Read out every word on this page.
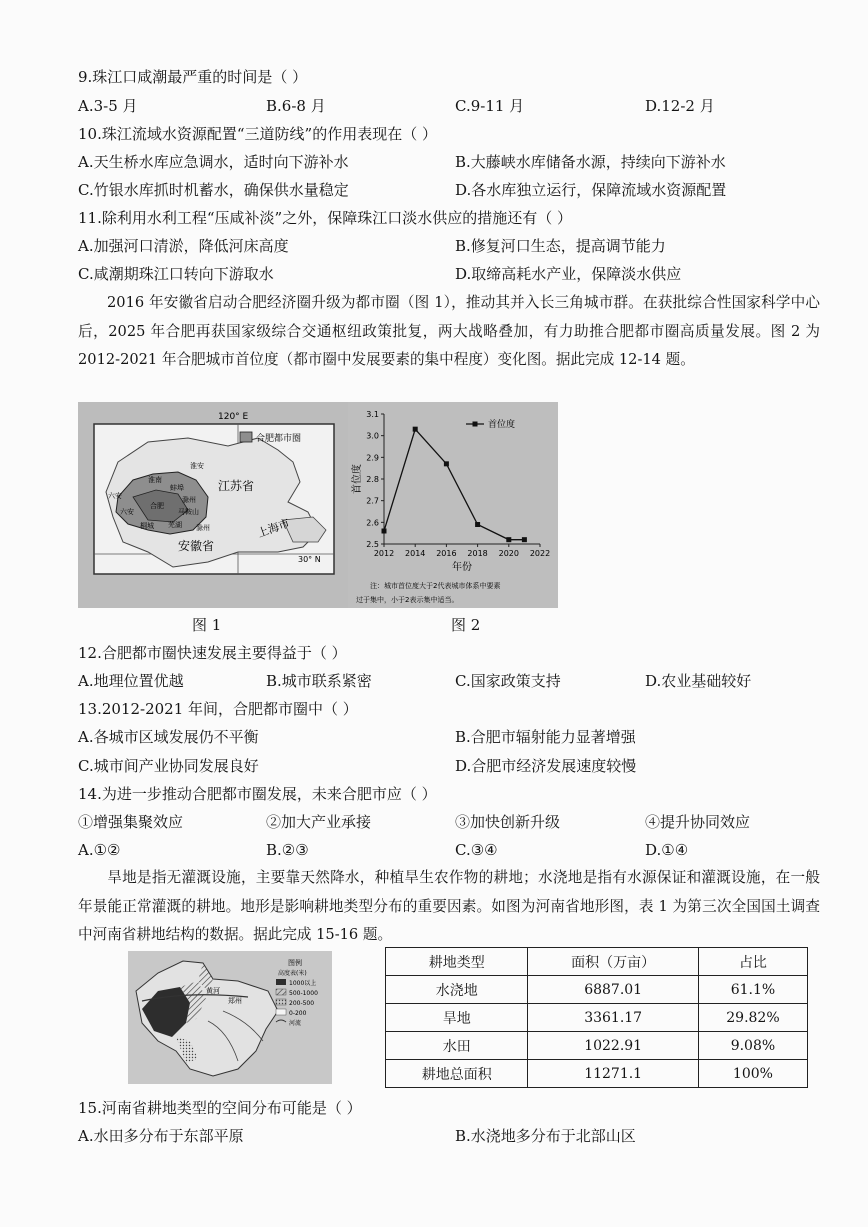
9.珠江口咸潮最严重的时间是（ ）
A.3-5 月	B.6-8 月	C.9-11 月	D.12-2 月
10.珠江流域水资源配置“三道防线”的作用表现在（ ）
A.天生桥水库应急调水，适时向下游补水	B.大藤峡水库储备水源，持续向下游补水
C.竹银水库抓时机蓄水，确保供水量稳定	D.各水库独立运行，保障流域水资源配置
11.除利用水利工程“压咸补淡”之外，保障珠江口淡水供应的措施还有（ ）
A.加强河口清淤，降低河床高度	B.修复河口生态，提高调节能力
C.咸潮期珠江口转向下游取水	D.取缔高耗水产业，保障淡水供应
2016 年安徽省启动合肥经济圈升级为都市圈（图 1），推动其并入长三角城市群。在获批综合性国家科学中心后，2025 年合肥再获国家级综合交通枢纽政策批复，两大战略叠加，有力助推合肥都市圈高质量发展。图 2 为 2012-2021 年合肥城市首位度（都市圈中发展要素的集中程度）变化图。据此完成 12-14 题。
合肥都市圈
120° E
30° N
江苏省
上海市
安徽省
淮南
蚌埠
滁州
合肥
六安	马鞍山
芜湖
桐城
淮安
滁州
六安
2.5
2.6
2.7
2.8
2.9
3.0
3.1
2012 2014 2016 2018 2020 2022
首位度
年份
首位度
注：城市首位度大于2代表城市体系中要素
过于集中，小于2表示集中适当。
图 1	图 2
12.合肥都市圈快速发展主要得益于（ ）
A.地理位置优越	B.城市联系紧密	C.国家政策支持	D.农业基础较好
13.2012-2021 年间，合肥都市圈中（ ）
A.各城市区域发展仍不平衡	B.合肥市辐射能力显著增强
C.城市间产业协同发展良好	D.合肥市经济发展速度较慢
14.为进一步推动合肥都市圈发展，未来合肥市应（ ）
①增强集聚效应	②加大产业承接	③加快创新升级	④提升协同效应
A.①②	B.②③	C.③④	D.①④
旱地是指无灌溉设施，主要靠天然降水，种植旱生农作物的耕地；水浇地是指有水源保证和灌溉设施，在一般年景能正常灌溉的耕地。地形是影响耕地类型分布的重要因素。如图为河南省地形图，表 1 为第三次全国国土调查中河南省耕地结构的数据。据此完成 15-16 题。
黄河
郑州
图例
高度表(米)
1000以上
500-1000
200-500
0-200
河流
耕地类型	面积（万亩）	占比
水浇地	6887.01	61.1%
旱地	3361.17	29.82%
水田	1022.91	9.08%
耕地总面积	11271.1	100%
15.河南省耕地类型的空间分布可能是（ ）
A.水田多分布于东部平原	B.水浇地多分布于北部山区
